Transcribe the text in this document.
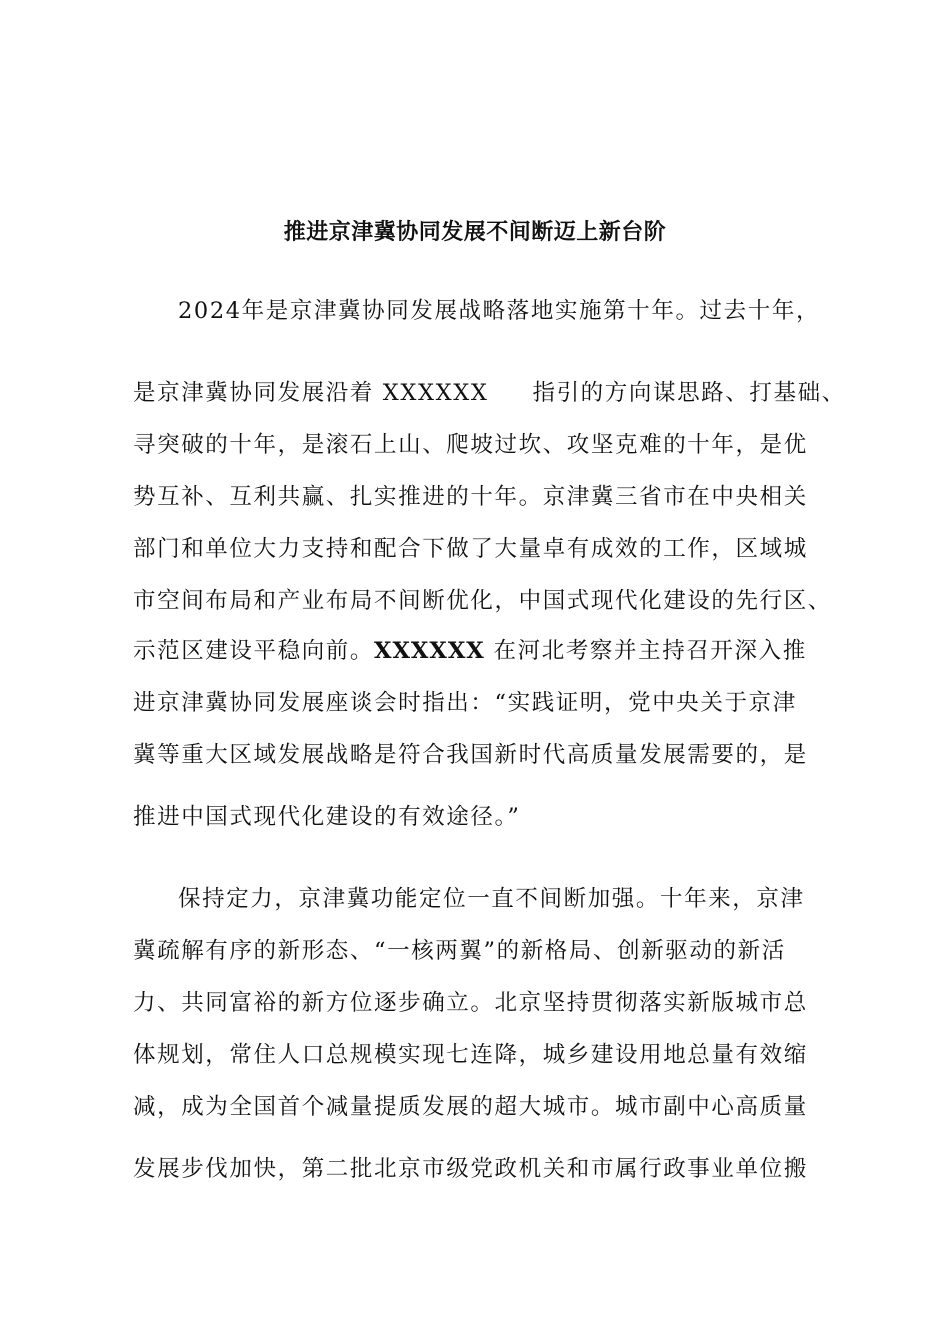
推进京津冀协同发展不间断迈上新台阶
2024年是京津冀协同发展战略落地实施第十年。过去十年，
是京津冀协同发展沿着 XXXXXX 指引的方向谋思路、打基础、
寻突破的十年，是滚石上山、爬坡过坎、攻坚克难的十年，是优
势互补、互利共赢、扎实推进的十年。京津冀三省市在中央相关
部门和单位大力支持和配合下做了大量卓有成效的工作，区域城
市空间布局和产业布局不间断优化，中国式现代化建设的先行区、
示范区建设平稳向前。XXXXXX 在河北考察并主持召开深入推
进京津冀协同发展座谈会时指出：“实践证明，党中央关于京津
冀等重大区域发展战略是符合我国新时代高质量发展需要的，是
推进中国式现代化建设的有效途径。”
保持定力，京津冀功能定位一直不间断加强。十年来，京津
冀疏解有序的新形态、“一核两翼”的新格局、创新驱动的新活
力、共同富裕的新方位逐步确立。北京坚持贯彻落实新版城市总
体规划，常住人口总规模实现七连降，城乡建设用地总量有效缩
减，成为全国首个减量提质发展的超大城市。城市副中心高质量
发展步伐加快，第二批北京市级党政机关和市属行政事业单位搬
